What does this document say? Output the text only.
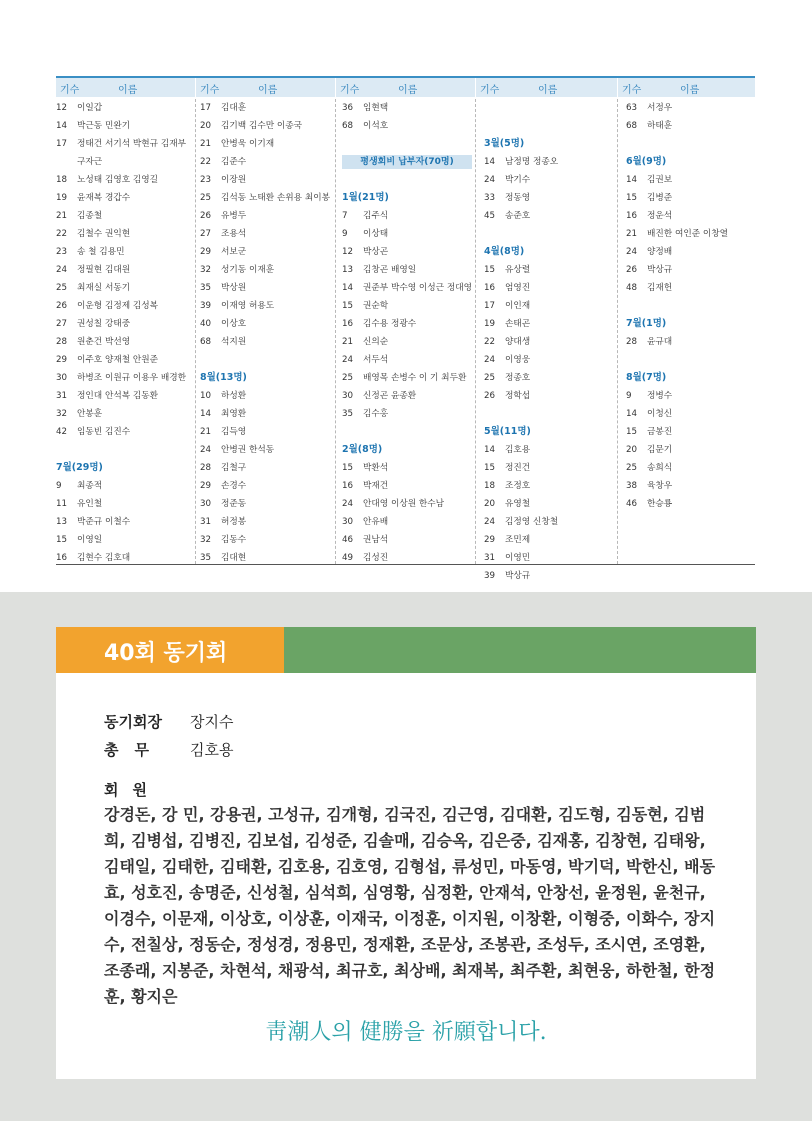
기수	이름	기수	이름	기수	이름	기수	이름	기수	이름
12 이일갑
14 박근동 민완기
17 정태건 서기석 박현규 김재부
구자근
18 노성태 김영호 김영길
19 윤재복 경갑수
21 김종철
22 김철수 권익현
23 송 철 김용민
24 정필현 김대원
25 최재실 서동기
26 이운형 김정제 김성복
27 권성칠 강태중
28 원춘건 박선영
29 이주호 양재철 안원준
30 하병조 이원규 이용우 배경한
31 정인대 안석복 김동환
32 안봉훈
42 임동빈 김진수
7월(29명)
9 최종적
11 유인철
13 박준규 이철수
15 이영일
16 김현수 김호대
17 김대훈
20 김기백 김수만 이종국
21 안병욱 이기재
22 김준수
23 이장원
25 김석동 노태환 손위용 최이봉
26 유병두
27 조용석
29 서보군
32 성기동 이재훈
35 박상원
39 이재영 허용도
40 이상호
68 석지원
8월(13명)
10 하성환
14 최영환
21 김득영
24 안병권 한석동
28 김철구
29 손경수
30 정준동
31 허정봉
32 김동수
35 김대현
36 임현택
68 이석호
평생회비 납부자(70명)
1월(21명)
7 김주식
9 이상태
12 박상곤
13 김창곤 배영일
14 권준부 박수영 이성근 정대영
15 권순학
16 김수용 정광수
21 신의순
24 서두석
25 배영목 손병수 이 기 최두환
30 신정곤 윤종환
35 김수홍
2월(8명)
15 박환석
16 박재건
24 안대영 이상원 한수남
30 안유배
46 권남석
49 김성진
3월(5명)
14 남정명 정종오
24 박기수
33 정동영
45 송준호
4월(8명)
15 유상렬
16 엄영진
17 이인재
19 손태곤
22 양대생
24 이영웅
25 정종호
26 정학섭
5월(11명)
14 김호용
15 정진건
18 조정호
20 유영철
24 김정영 신창철
29 조민제
31 이영민
39 박상규
63 서정우
68 하태훈
6월(9명)
14 김권보
15 김병준
16 정운석
21 배진한 여인준 이창열
24 양정배
26 박상규
48 김재헌
7월(1명)
28 윤규대
8월(7명)
9 정병수
14 이청신
15 금봉진
20 김문기
25 송희식
38 육창우
46 한승룡
40회 동기회
동기회장 장지수
총무 김호용
회원
강경돈, 강 민, 강용권, 고성규, 김개형, 김국진, 김근영, 김대환, 김도형, 김동현, 김범희, 김병섭, 김병진, 김보섭, 김성준, 김솔매, 김승옥, 김은중, 김재홍, 김창현, 김태왕, 김태일, 김태한, 김태환, 김호용, 김호영, 김형섭, 류성민, 마동영, 박기덕, 박한신, 배동효, 성호진, 송명준, 신성철, 심석희, 심영황, 심정환, 안재석, 안창선, 윤정원, 윤천규, 이경수, 이문재, 이상호, 이상훈, 이재국, 이정훈, 이지원, 이창환, 이형중, 이화수, 장지수, 전칠상, 정동순, 정성경, 정용민, 정재환, 조문상, 조봉관, 조성두, 조시연, 조영환, 조종래, 지봉준, 차현석, 채광석, 최규호, 최상배, 최재복, 최주환, 최현웅, 하한철, 한정훈, 황지은
靑潮人의 健勝을 祈願합니다.
